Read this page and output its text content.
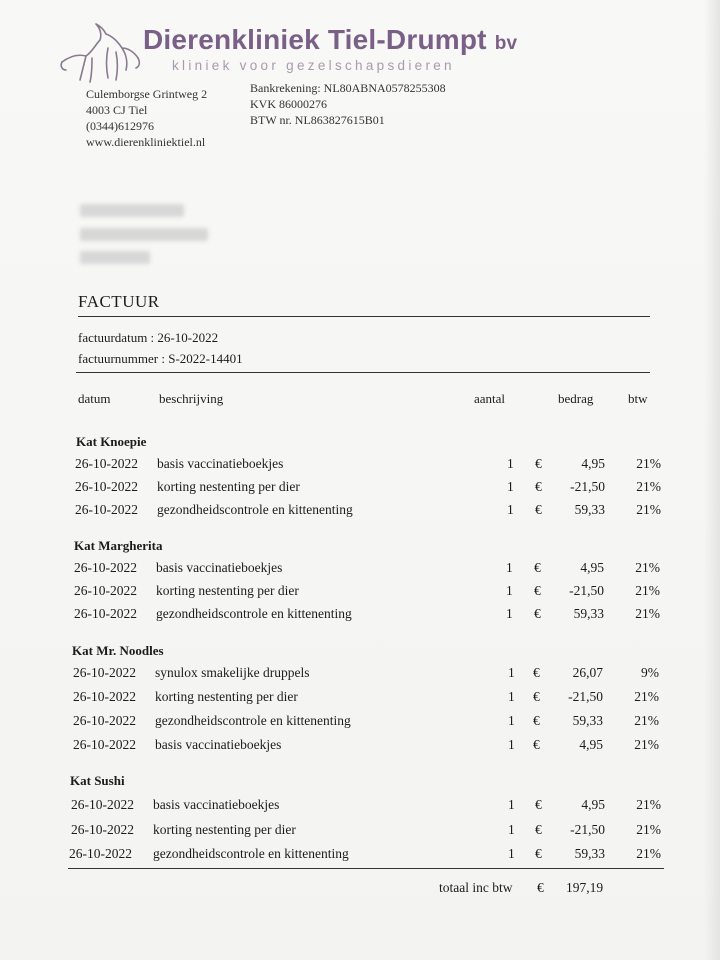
Dierenkliniek Tiel-Drumpt bv
kliniek voor gezelschapsdieren
Culemborgse Grintweg 2
4003 CJ Tiel
(0344)612976
www.dierenkliniektiel.nl
Bankrekening: NL80ABNA0578255308
KVK 86000276
BTW nr. NL863827615B01
FACTUUR
factuurdatum : 26-10-2022
factuurnummer : S-2022-14401
datum	beschrijving	aantal	bedrag	btw
Kat Knoepie
26-10-2022 basis vaccinatieboekjes	1 €	4,95	21%
26-10-2022 korting nestenting per dier	1 €	-21,50	21%
26-10-2022 gezondheidscontrole en kittenenting	1 €	59,33	21%
Kat Margherita
26-10-2022 basis vaccinatieboekjes	1 €	4,95	21%
26-10-2022 korting nestenting per dier	1 €	-21,50	21%
26-10-2022 gezondheidscontrole en kittenenting	1 €	59,33	21%
Kat Mr. Noodles
26-10-2022 synulox smakelijke druppels	1 €	26,07	9%
26-10-2022 korting nestenting per dier	1 €	-21,50	21%
26-10-2022 gezondheidscontrole en kittenenting	1 €	59,33	21%
26-10-2022 basis vaccinatieboekjes	1 €	4,95	21%
Kat Sushi
26-10-2022 basis vaccinatieboekjes	1 €	4,95	21%
26-10-2022 korting nestenting per dier	1 €	-21,50	21%
26-10-2022 gezondheidscontrole en kittenenting	1 €	59,33	21%
totaal inc btw € 197,19
